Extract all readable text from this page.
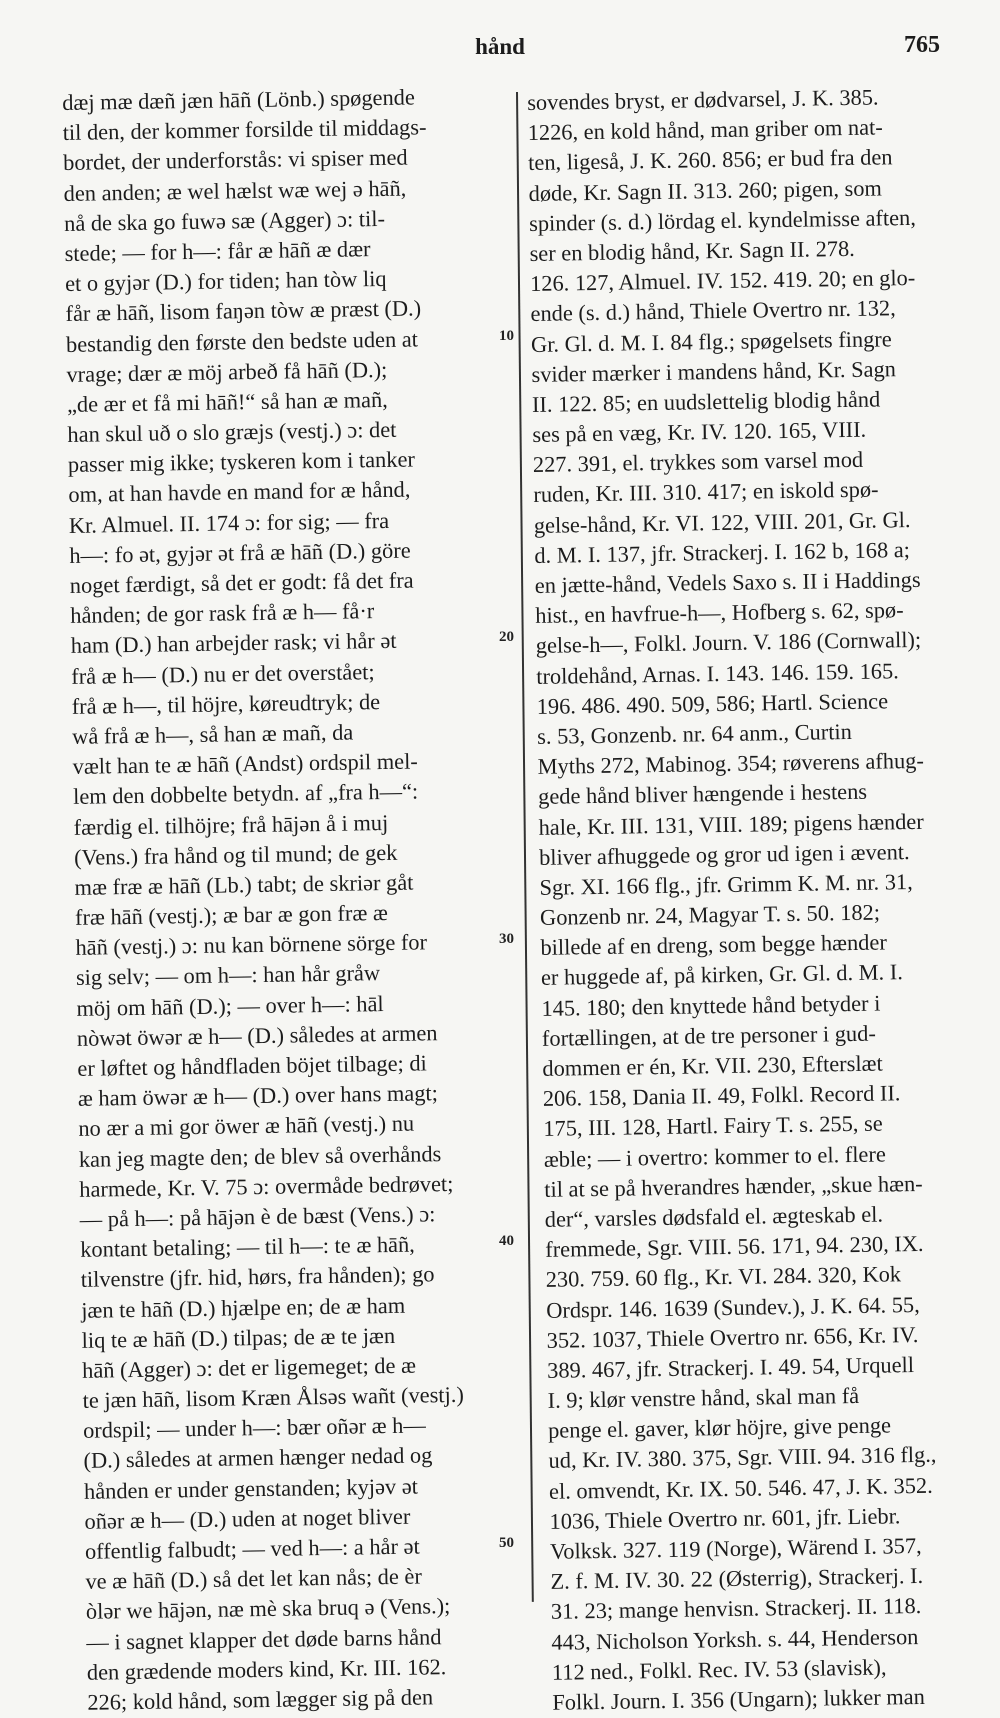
hånd	765
dæj mæ dæñ jæn hāñ (Lönb.) spøgende
til den, der kommer forsilde til middags-
bordet, der underforstås: vi spiser med
den anden; æ wel hælst wæ wej ə hāñ,
nå de ska go fuwə sæ (Agger) ɔ: til-
stede; — for h—: får æ hāñ æ dær
et o gyjər (D.) for tiden; han tòw liq
får æ hāñ, lisom faŋən tòw æ præst (D.)
bestandig den første den bedste uden at
vrage; dær æ möj arbeð få hāñ (D.);
„de ær et få mi hāñ!“ så han æ mañ,
han skul uð o slo græjs (vestj.) ɔ: det
passer mig ikke; tyskeren kom i tanker
om, at han havde en mand for æ hånd,
Kr. Almuel. II. 174 ɔ: for sig; — fra
h—: fo ət, gyjər ət frå æ hāñ (D.) göre
noget færdigt, så det er godt: få det fra
hånden; de gor rask frå æ h— få·r
ham (D.) han arbejder rask; vi hår ət
frå æ h— (D.) nu er det overstået;
frå æ h—, til höjre, køreudtryk; de
wå frå æ h—, så han æ mañ, da
vælt han te æ hāñ (Andst) ordspil mel-
lem den dobbelte betydn. af „fra h—“:
færdig el. tilhöjre; frå hājən å i muj
(Vens.) fra hånd og til mund; de gek
mæ fræ æ hāñ (Lb.) tabt; de skriər gåt
fræ hāñ (vestj.); æ bar æ gon fræ æ
hāñ (vestj.) ɔ: nu kan börnene sörge for
sig selv; — om h—: han hår gråw
möj om hāñ (D.); — over h—: hāl
nòwət öwər æ h— (D.) således at armen
er løftet og håndfladen böjet tilbage; di
æ ham öwər æ h— (D.) over hans magt;
no ær a mi gor öwer æ hāñ (vestj.) nu
kan jeg magte den; de blev så overhånds
harmede, Kr. V. 75 ɔ: overmåde bedrøvet;
— på h—: på hājən è de bæst (Vens.) ɔ:
kontant betaling; — til h—: te æ hāñ,
tilvenstre (jfr. hid, hørs, fra hånden); go
jæn te hāñ (D.) hjælpe en; de æ ham
liq te æ hāñ (D.) tilpas; de æ te jæn
hāñ (Agger) ɔ: det er ligemeget; de æ
te jæn hāñ, lisom Kræn Ålsəs wañt (vestj.)
ordspil; — under h—: bær oñər æ h—
(D.) således at armen hænger nedad og
hånden er under genstanden; kyjəv ət
oñər æ h— (D.) uden at noget bliver
offentlig falbudt; — ved h—: a hår ət
ve æ hāñ (D.) så det let kan nås; de èr
òlər we hājən, næ mè ska bruq ə (Vens.);
— i sagnet klapper det døde barns hånd
den grædende moders kind, Kr. III. 162.
226; kold hånd, som lægger sig på den
sovendes bryst, er dødvarsel, J. K. 385.
1226, en kold hånd, man griber om nat-
ten, ligeså, J. K. 260. 856; er bud fra den
døde, Kr. Sagn II. 313. 260; pigen, som
spinder (s. d.) lördag el. kyndelmisse aften,
ser en blodig hånd, Kr. Sagn II. 278.
126. 127, Almuel. IV. 152. 419. 20; en glo-
ende (s. d.) hånd, Thiele Overtro nr. 132,
Gr. Gl. d. M. I. 84 flg.; spøgelsets fingre
svider mærker i mandens hånd, Kr. Sagn
II. 122. 85; en uudslettelig blodig hånd
ses på en væg, Kr. IV. 120. 165, VIII.
227. 391, el. trykkes som varsel mod
ruden, Kr. III. 310. 417; en iskold spø-
gelse-hånd, Kr. VI. 122, VIII. 201, Gr. Gl.
d. M. I. 137, jfr. Strackerj. I. 162 b, 168 a;
en jætte-hånd, Vedels Saxo s. II i Haddings
hist., en havfrue-h—, Hofberg s. 62, spø-
gelse-h—, Folkl. Journ. V. 186 (Cornwall);
troldehånd, Arnas. I. 143. 146. 159. 165.
196. 486. 490. 509, 586; Hartl. Science
s. 53, Gonzenb. nr. 64 anm., Curtin
Myths 272, Mabinog. 354; røverens afhug-
gede hånd bliver hængende i hestens
hale, Kr. III. 131, VIII. 189; pigens hænder
bliver afhuggede og gror ud igen i ævent.
Sgr. XI. 166 flg., jfr. Grimm K. M. nr. 31,
Gonzenb nr. 24, Magyar T. s. 50. 182;
billede af en dreng, som begge hænder
er huggede af, på kirken, Gr. Gl. d. M. I.
145. 180; den knyttede hånd betyder i
fortællingen, at de tre personer i gud-
dommen er én, Kr. VII. 230, Efterslæt
206. 158, Dania II. 49, Folkl. Record II.
175, III. 128, Hartl. Fairy T. s. 255, se
æble; — i overtro: kommer to el. flere
til at se på hverandres hænder, „skue hæn-
der“, varsles dødsfald el. ægteskab el.
fremmede, Sgr. VIII. 56. 171, 94. 230, IX.
230. 759. 60 flg., Kr. VI. 284. 320, Kok
Ordspr. 146. 1639 (Sundev.), J. K. 64. 55,
352. 1037, Thiele Overtro nr. 656, Kr. IV.
389. 467, jfr. Strackerj. I. 49. 54, Urquell
I. 9; klør venstre hånd, skal man få
penge el. gaver, klør höjre, give penge
ud, Kr. IV. 380. 375, Sgr. VIII. 94. 316 flg.,
el. omvendt, Kr. IX. 50. 546. 47, J. K. 352.
1036, Thiele Overtro nr. 601, jfr. Liebr.
Volksk. 327. 119 (Norge), Wärend I. 357,
Z. f. M. IV. 30. 22 (Østerrig), Strackerj. I.
31. 23; mange henvisn. Strackerj. II. 118.
443, Nicholson Yorksh. s. 44, Henderson
112 ned., Folkl. Rec. IV. 53 (slavisk),
Folkl. Journ. I. 356 (Ungarn); lukker man
10
20
30
40
50
